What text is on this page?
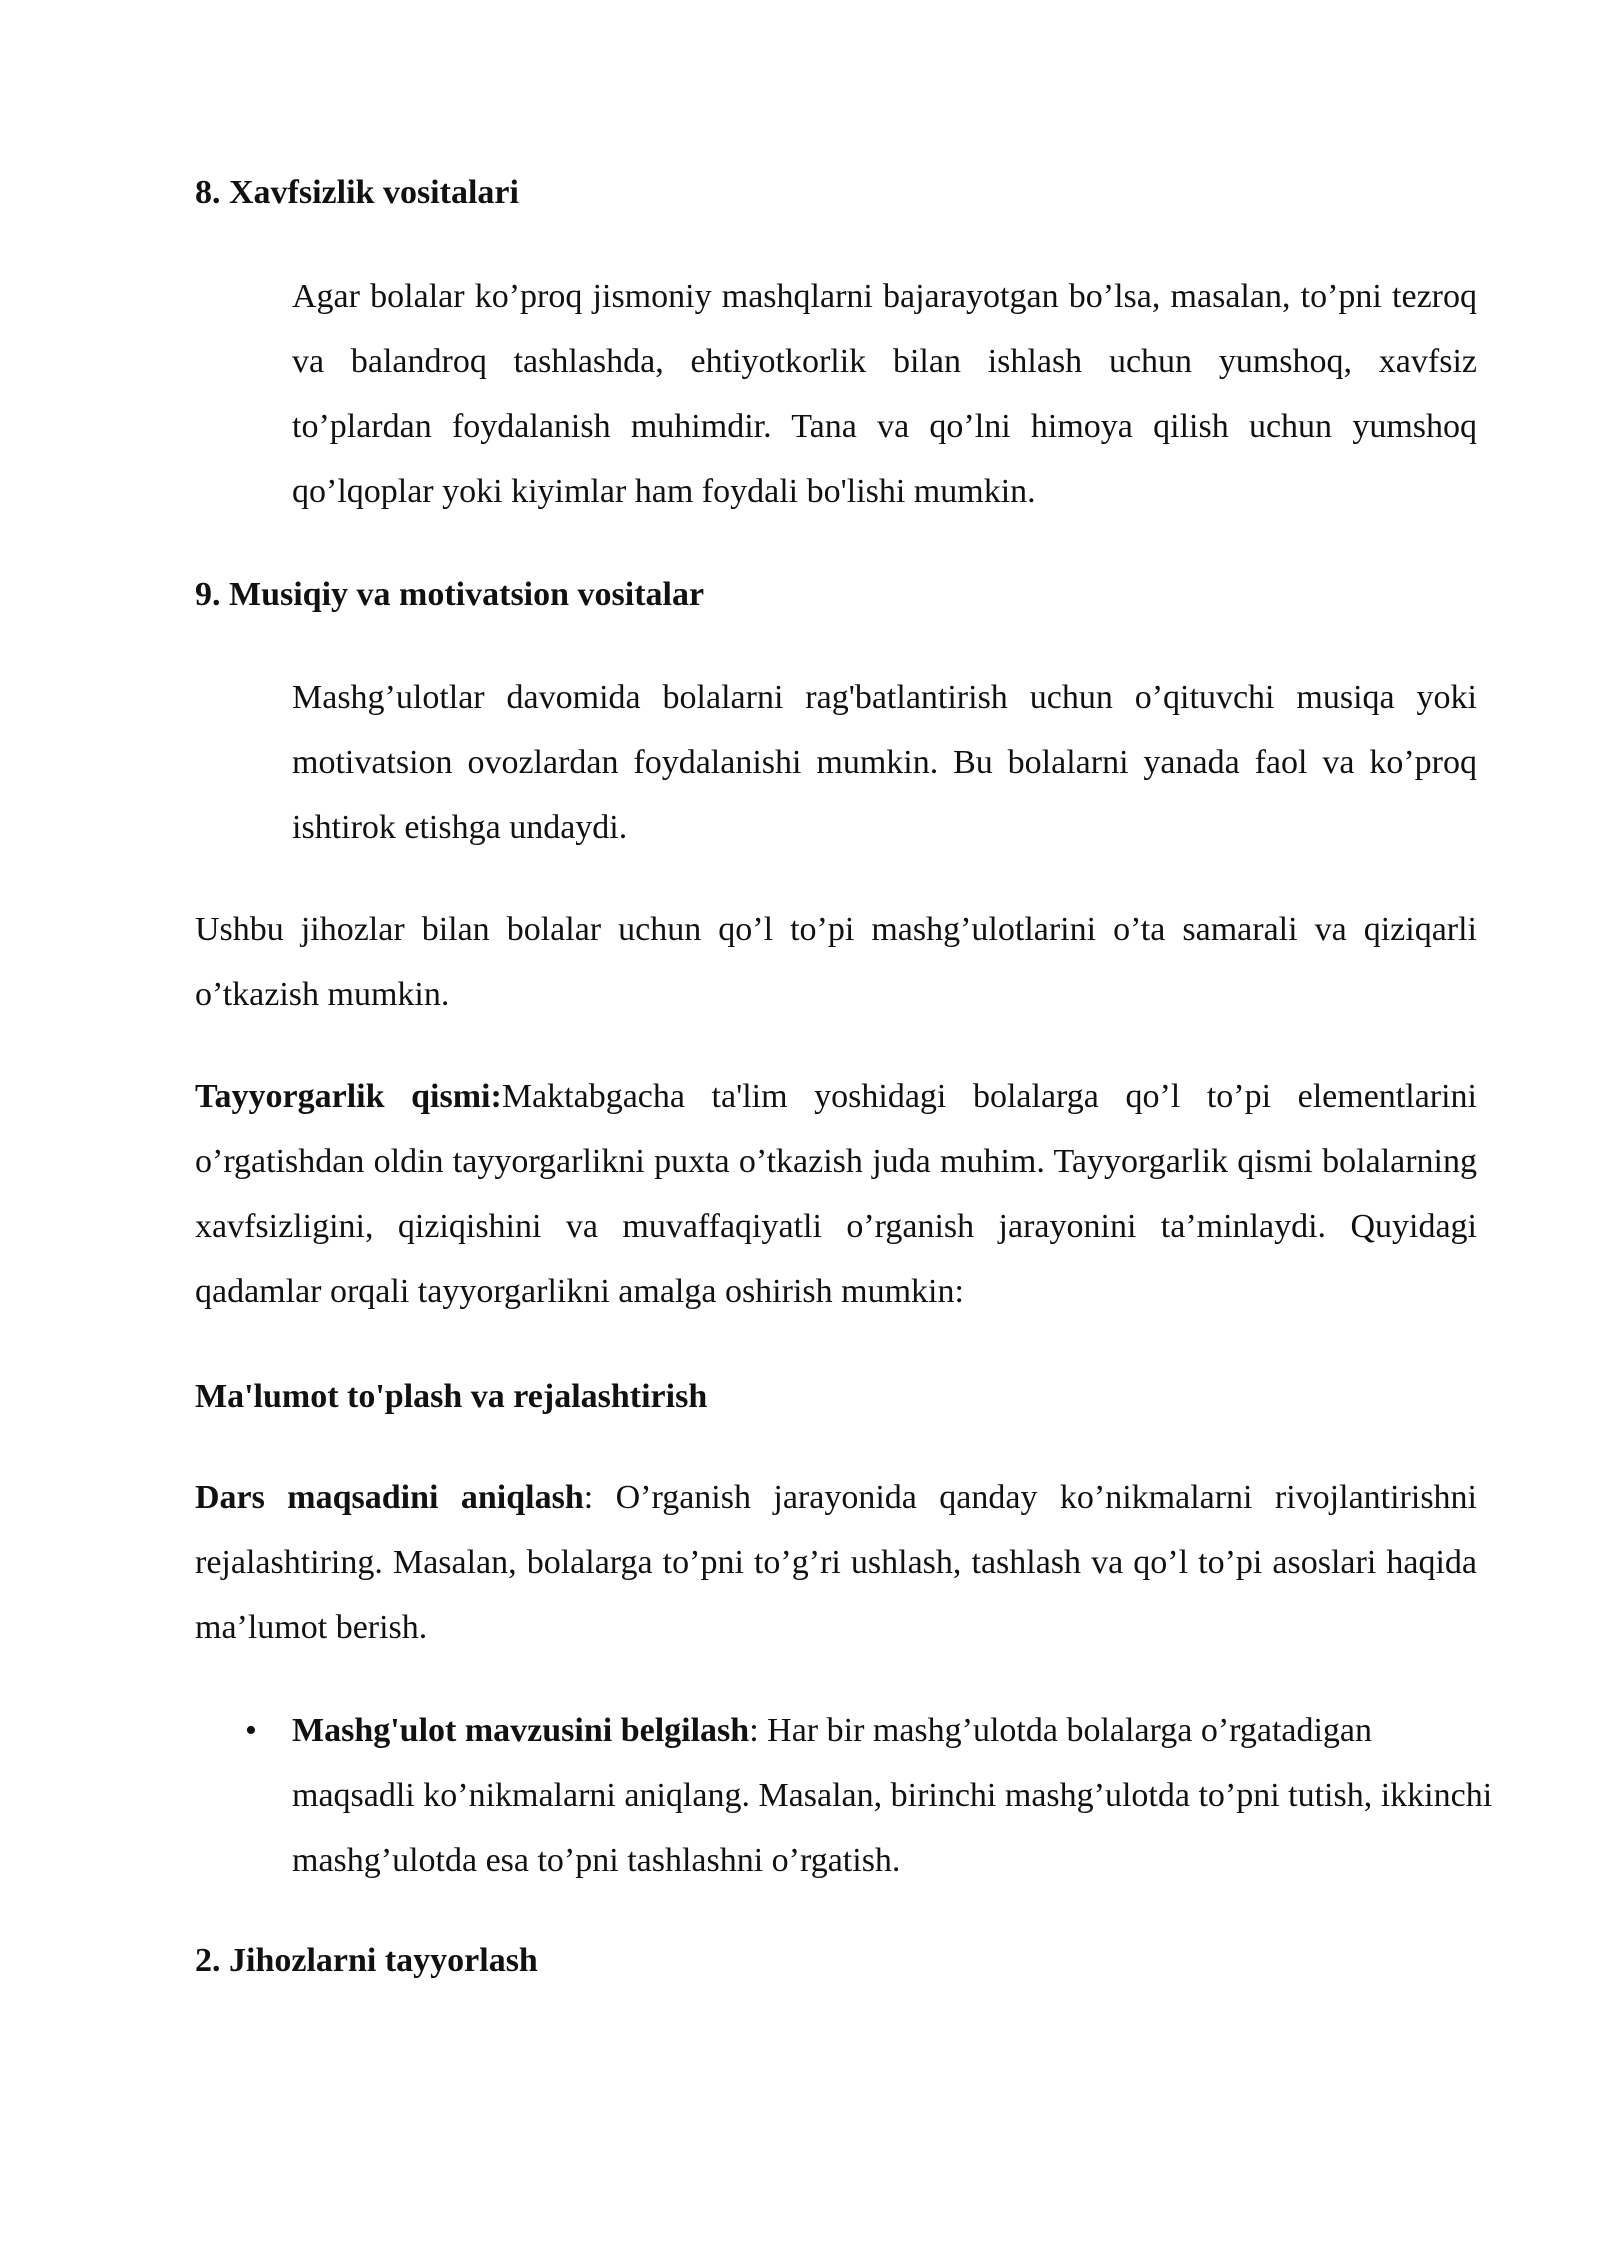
8. Xavfsizlik vositalari
Agar bolalar ko’proq jismoniy mashqlarni bajarayotgan bo’lsa, masalan, to’pni tezroq va balandroq tashlashda, ehtiyotkorlik bilan ishlash uchun yumshoq, xavfsiz to’plardan foydalanish muhimdir. Tana va qo’lni himoya qilish uchun yumshoq qo’lqoplar yoki kiyimlar ham foydali bo'lishi mumkin.
9. Musiqiy va motivatsion vositalar
Mashg’ulotlar davomida bolalarni rag'batlantirish uchun o’qituvchi musiqa yoki motivatsion ovozlardan foydalanishi mumkin. Bu bolalarni yanada faol va ko’proq ishtirok etishga undaydi.
Ushbu jihozlar bilan bolalar uchun qo’l to’pi mashg’ulotlarini o’ta samarali va qiziqarli o’tkazish mumkin.
Tayyorgarlik qismi:Maktabgacha ta'lim yoshidagi bolalarga qo’l to’pi elementlarini o’rgatishdan oldin tayyorgarlikni puxta o’tkazish juda muhim. Tayyorgarlik qismi bolalarning xavfsizligini, qiziqishini va muvaffaqiyatli o’rganish jarayonini ta’minlaydi. Quyidagi qadamlar orqali tayyorgarlikni amalga oshirish mumkin:
Ma'lumot to'plash va rejalashtirish
Dars maqsadini aniqlash: O’rganish jarayonida qanday ko’nikmalarni rivojlantirishni rejalashtiring. Masalan, bolalarga to’pni to’g’ri ushlash, tashlash va qo’l to’pi asoslari haqida ma’lumot berish.
• Mashg'ulot mavzusini belgilash: Har bir mashg’ulotda bolalarga o’rgatadigan maqsadli ko’nikmalarni aniqlang. Masalan, birinchi mashg’ulotda to’pni tutish, ikkinchi mashg’ulotda esa to’pni tashlashni o’rgatish.
2. Jihozlarni tayyorlash
